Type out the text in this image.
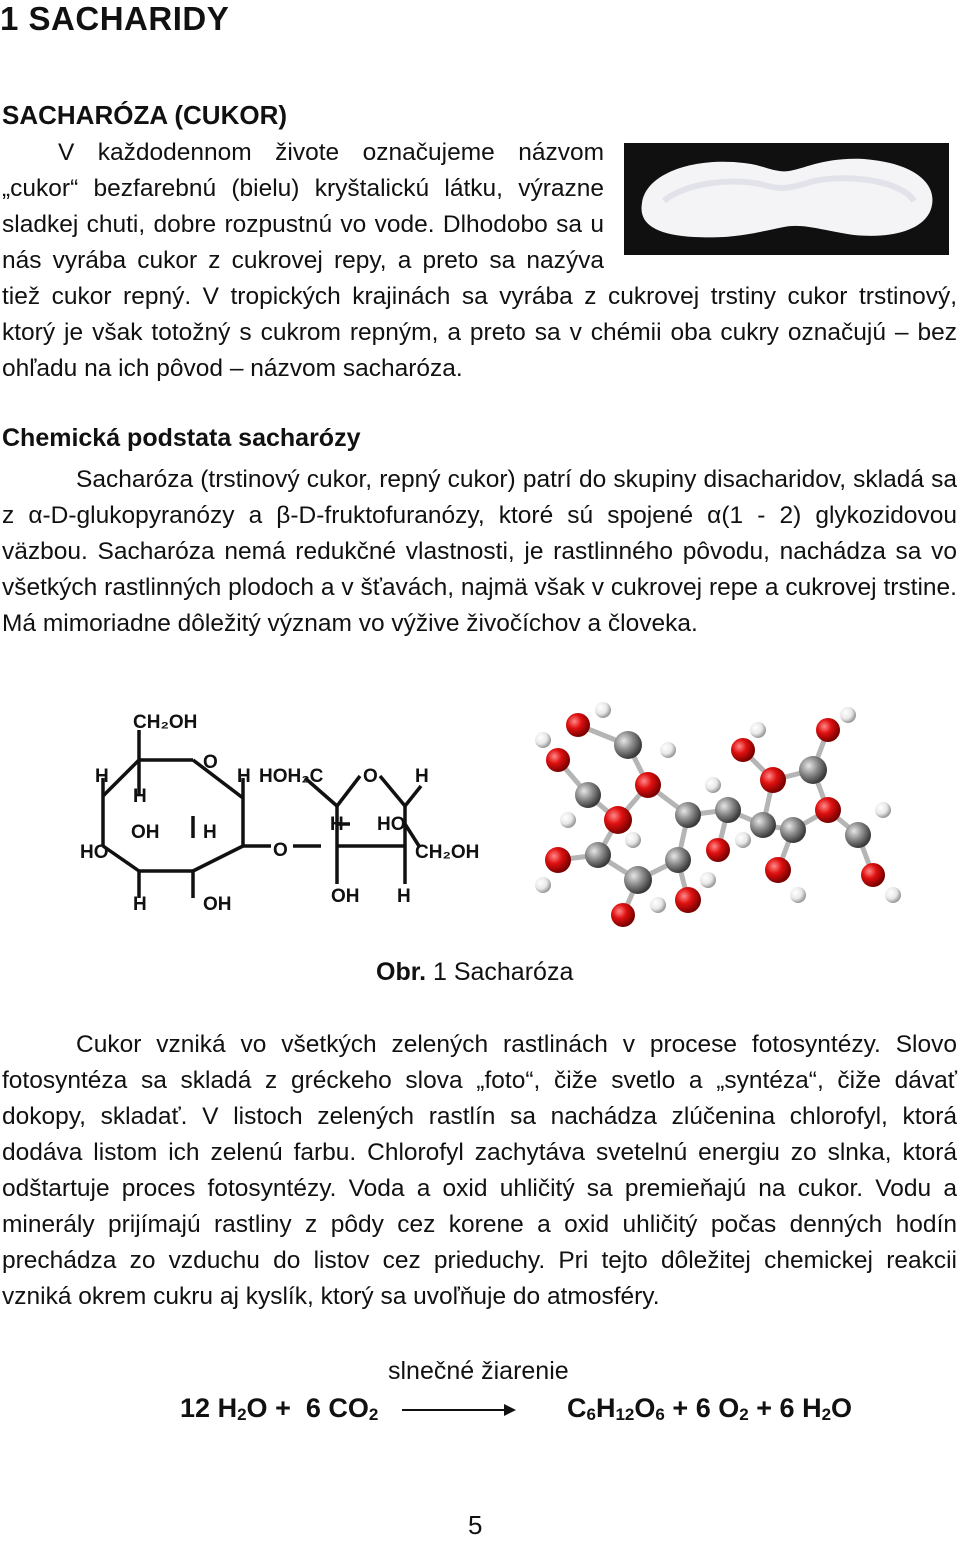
1 SACHARIDY
SACHARÓZA (CUKOR)
V každodennom živote označujeme názvom „cukor“ bezfarebnú (bielu) kryštalickú látku, výrazne sladkej chuti, dobre rozpustnú vo vode. Dlhodobo sa u nás vyrába cukor z cukrovej repy, a preto sa nazýva tiež cukor repný. V tropických krajinách sa vyrába z cukrovej trstiny cukor trstinový, ktorý je však totožný s cukrom repným, a preto sa v chémii oba cukry označujú – bez ohľadu na ich pôvod – názvom sacharóza.
Chemická podstata sacharózy
Sacharóza (trstinový cukor, repný cukor) patrí do skupiny disacharidov, skladá sa z α-D-glukopyranózy a β-D-fruktofuranózy, ktoré sú spojené α(1 - 2) glykozidovou väzbou. Sacharóza nemá redukčné vlastnosti, je rastlinného pôvodu, nachádza sa vo všetkých rastlinných plodoch a v šťavách, najmä však v cukrovej repe a cukrovej trstine. Má mimoriadne dôležitý význam vo výžive živočíchov a človeka.
CH₂OH
H
H
O
H HOH₂C O H
OH H
HO	O
H HO
CH₂OH
H	OH	OH H
Obr. 1 Sacharóza
Cukor vzniká vo všetkých zelených rastlinách v procese fotosyntézy. Slovo fotosyntéza sa skladá z gréckeho slova „foto“, čiže svetlo a „syntéza“, čiže dávať dokopy, skladať. V listoch zelených rastlín sa nachádza zlúčenina chlorofyl, ktorá dodáva listom ich zelenú farbu. Chlorofyl zachytáva svetelnú energiu zo slnka, ktorá odštartuje proces fotosyntézy. Voda a oxid uhličitý sa premieňajú na cukor. Vodu a minerály prijímajú rastliny z pôdy cez korene a oxid uhličitý počas denných hodín prechádza zo vzduchu do listov cez prieduchy. Pri tejto dôležitej chemickej reakcii vzniká okrem cukru aj kyslík, ktorý sa uvoľňuje do atmosféry.
slnečné žiarenie
12 $H_2O + 6$ $CO_2$	$C_6H_{12}O_6 + 6$ $O_2 + 6$ $H_2O$
5
